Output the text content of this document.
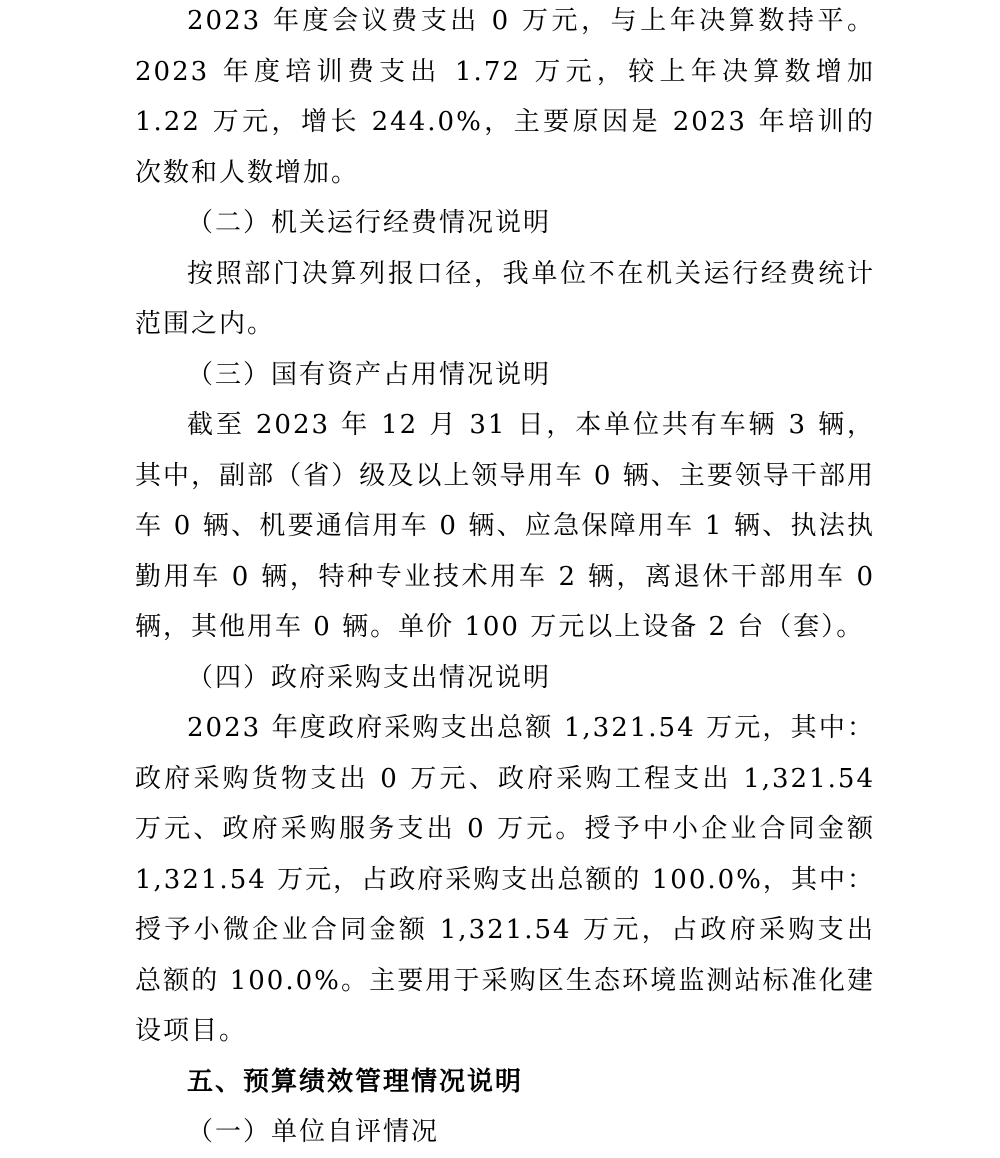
2023 年度会议费支出 0 万元，与上年决算数持平。2023 年度培训费支出 1.72 万元，较上年决算数增加 1.22 万元，增长 244.0%，主要原因是 2023 年培训的次数和人数增加。

（二）机关运行经费情况说明

按照部门决算列报口径，我单位不在机关运行经费统计范围之内。

（三）国有资产占用情况说明

截至 2023 年 12 月 31 日，本单位共有车辆 3 辆，其中，副部（省）级及以上领导用车 0 辆、主要领导干部用车 0 辆、机要通信用车 0 辆、应急保障用车 1 辆、执法执勤用车 0 辆，特种专业技术用车 2 辆，离退休干部用车 0 辆，其他用车 0 辆。单价 100 万元以上设备 2 台（套）。

（四）政府采购支出情况说明

2023 年度政府采购支出总额 1,321.54 万元，其中：政府采购货物支出 0 万元、政府采购工程支出 1,321.54 万元、政府采购服务支出 0 万元。授予中小企业合同金额 1,321.54 万元，占政府采购支出总额的 100.0%，其中：授予小微企业合同金额 1,321.54 万元，占政府采购支出总额的 100.0%。主要用于采购区生态环境监测站标准化建设项目。

五、预算绩效管理情况说明

（一）单位自评情况
